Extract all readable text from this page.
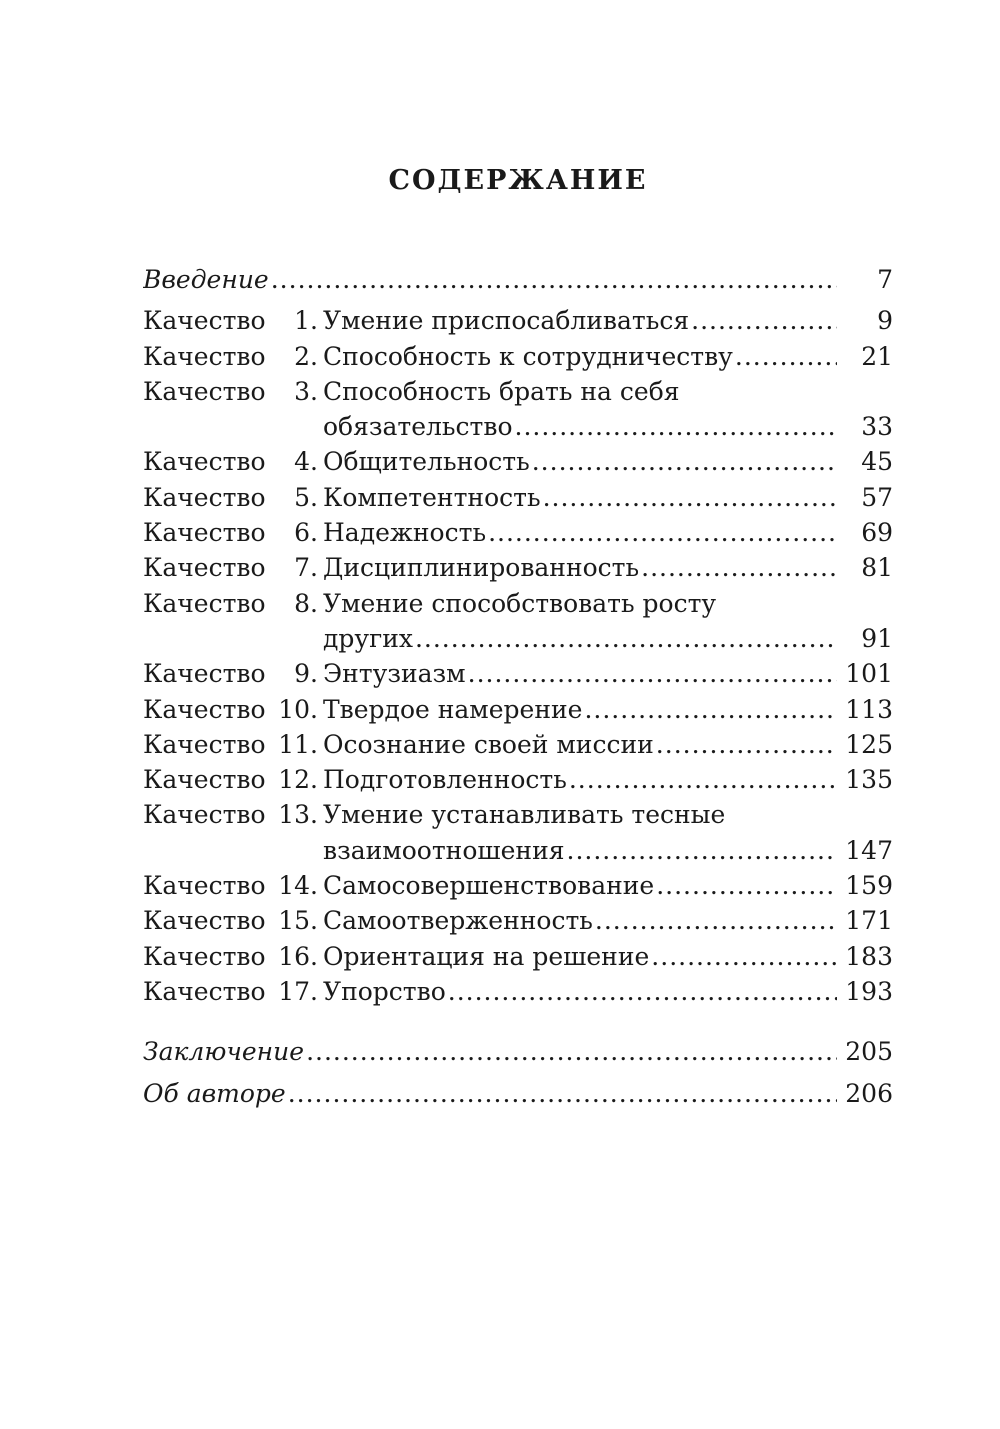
СОДЕРЖАНИЕ
Введение .....	7
Качество 1. Умение приспосабливаться .....	9
Качество 2. Способность к сотрудничеству .....	21
Качество 3. Способность брать на себя
обязательство .....	33
Качество 4. Общительность .....	45
Качество 5. Компетентность .....	57
Качество 6. Надежность .....	69
Качество 7. Дисциплинированность .....	81
Качество 8. Умение способствовать росту
других .....	91
Качество 9. Энтузиазм .....	101
Качество 10. Твердое намерение .....	113
Качество 11. Осознание своей миссии .....	125
Качество 12. Подготовленность .....	135
Качество 13. Умение устанавливать тесные
взаимоотношения .....	147
Качество 14. Самосовершенствование .....	159
Качество 15. Самоотверженность .....	171
Качество 16. Ориентация на решение .....	183
Качество 17. Упорство .....	193
Заключение .....	205
Об авторе .....	206
